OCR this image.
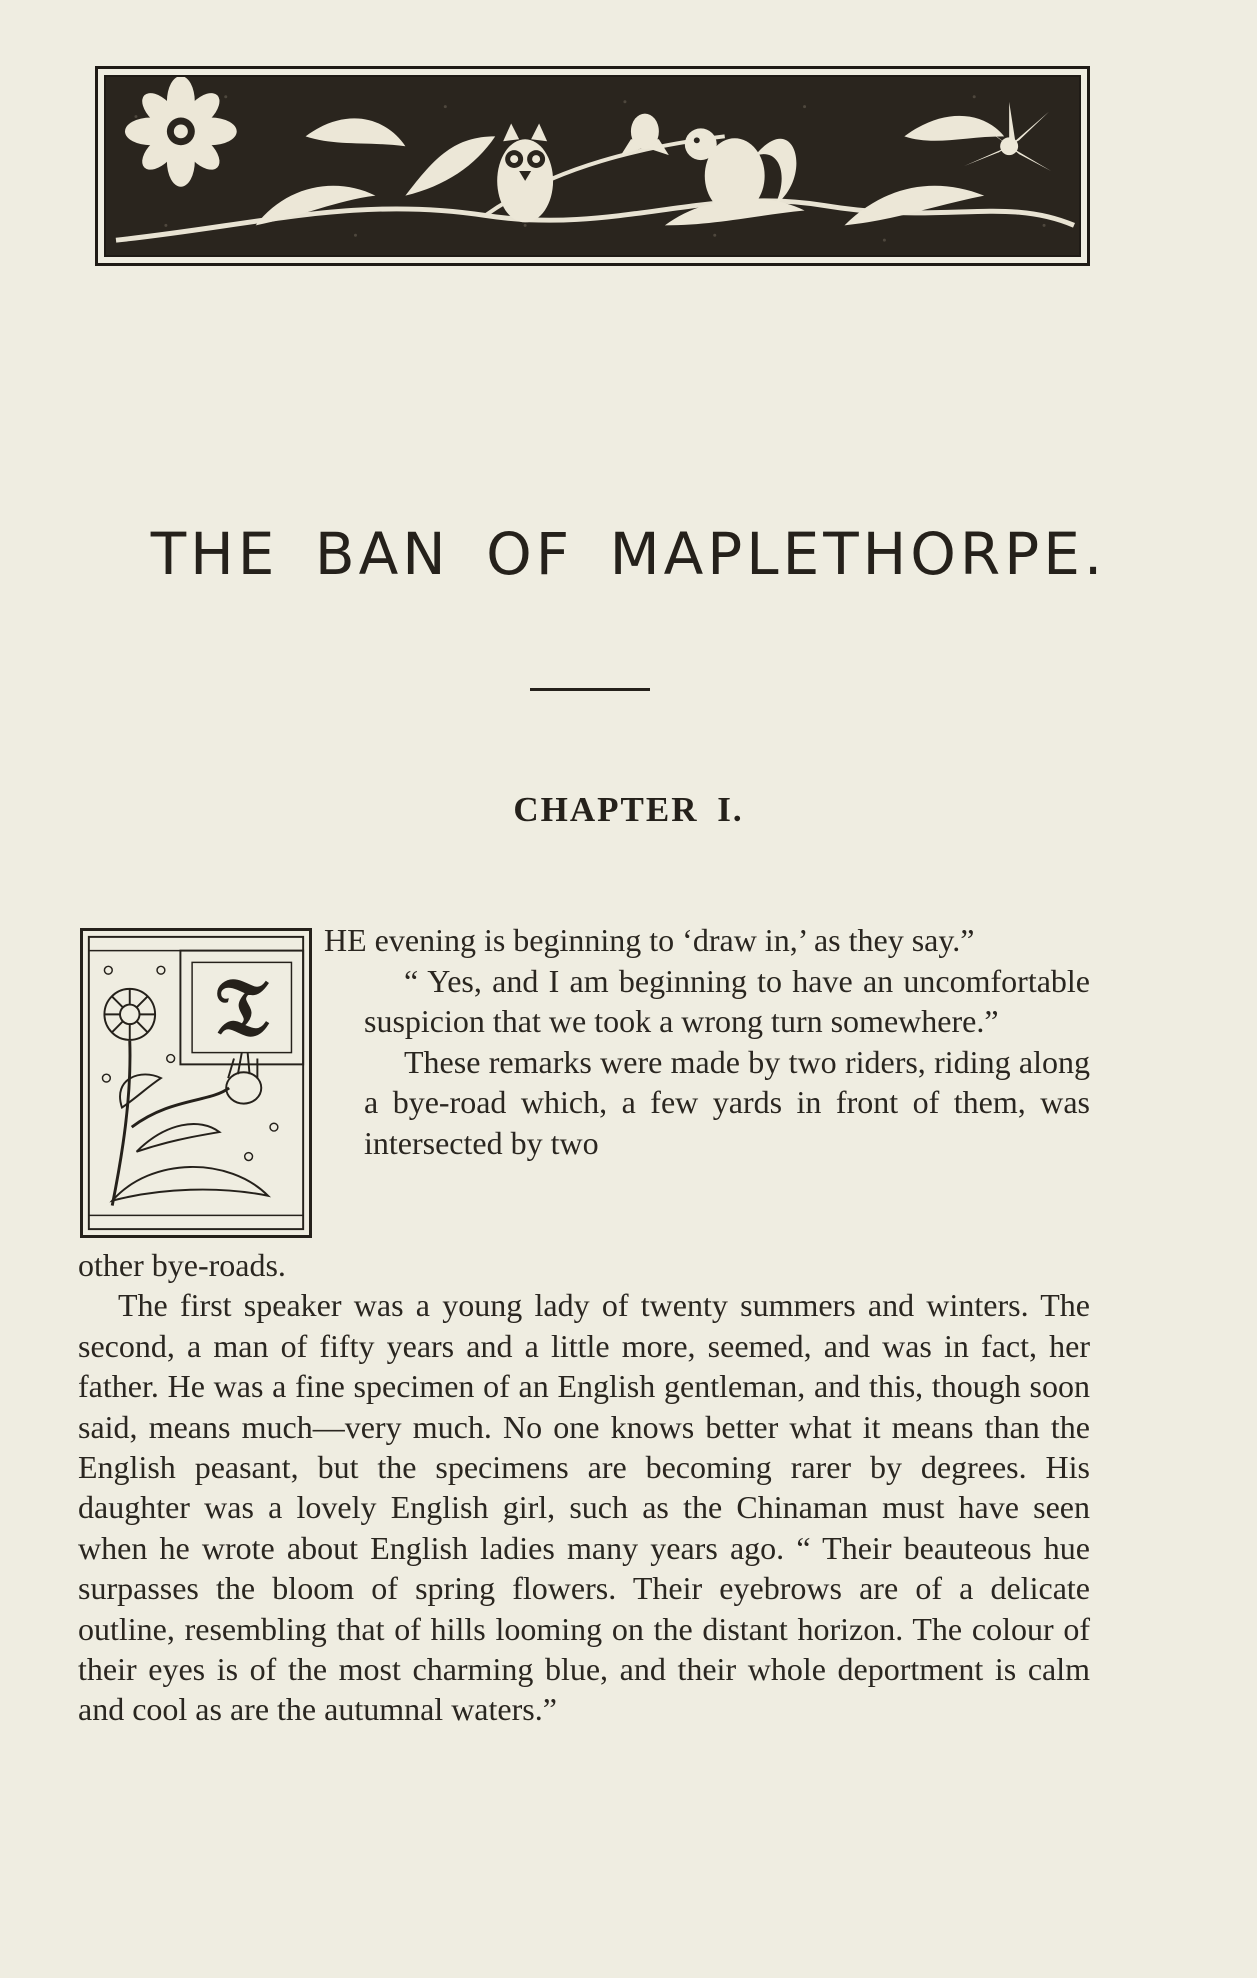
THE BAN OF MAPLETHORPE.
CHAPTER I.
𝔗

HE evening is beginning to ‘draw in,’ as they say.”

“ Yes, and I am beginning to have an uncomfortable suspicion that we took a wrong turn somewhere.”

These remarks were made by two riders, riding along a bye-road which, a few yards in front of them, was intersected by two

other bye-roads.

The first speaker was a young lady of twenty summers and winters. The second, a man of fifty years and a little more, seemed, and was in fact, her father. He was a fine specimen of an English gentleman, and this, though soon said, means much—very much. No one knows better what it means than the English peasant, but the specimens are becoming rarer by degrees. His daughter was a lovely English girl, such as the Chinaman must have seen when he wrote about English ladies many years ago. “ Their beauteous hue surpasses the bloom of spring flowers. Their eyebrows are of a delicate outline, resembling that of hills looming on the distant horizon. The colour of their eyes is of the most charming blue, and their whole deportment is calm and cool as are the autumnal waters.”
